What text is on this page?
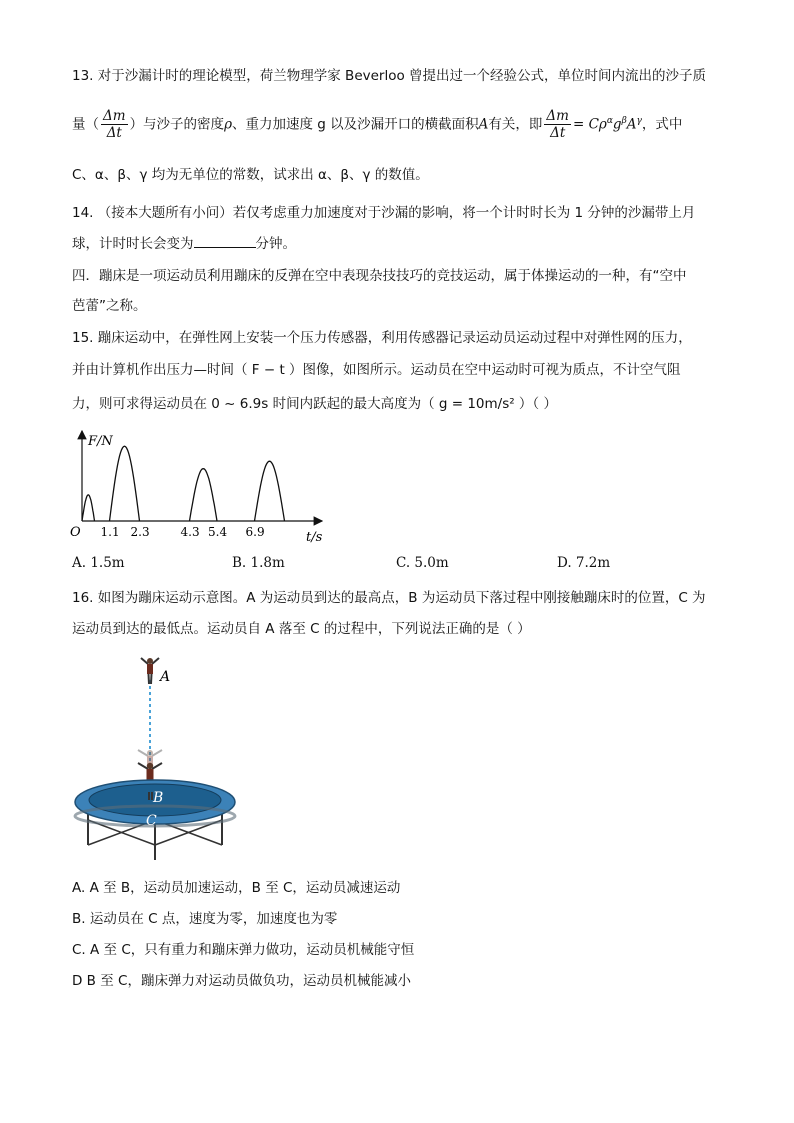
13. 对于沙漏计时的理论模型，荷兰物理学家 Beverloo 曾提出过一个经验公式，单位时间内流出的沙子质
量（ $\frac{\Delta m}{\Delta t}$ ）与沙子的密度ρ、重力加速度 g 以及沙漏开口的横截面积A有关，即 $\frac{\Delta m}{\Delta t} = C\rho^\alpha g^\beta A^\gamma$，式中
C、α、β、γ 均为无单位的常数，试求出 α、β、γ 的数值。
14. （接本大题所有小问）若仅考虑重力加速度对于沙漏的影响，将一个计时时长为 1 分钟的沙漏带上月
球，计时时长会变为	分钟。
四．蹦床是一项运动员利用蹦床的反弹在空中表现杂技技巧的竞技运动，属于体操运动的一种，有“空中
芭蕾”之称。
15. 蹦床运动中，在弹性网上安装一个压力传感器，利用传感器记录运动员运动过程中对弹性网的压力，
并由计算机作出压力—时间（ F − t ）图像，如图所示。运动员在空中运动时可视为质点，不计空气阻
力，则可求得运动员在 0 ~ 6.9s 时间内跃起的最大高度为（ g = 10m/s² ）（ ）
F/N
t/s
O 1.1 2.3	4.3 5.4 6.9
A. 1.5m	B. 1.8m	C. 5.0m	D. 7.2m
16. 如图为蹦床运动示意图。A 为运动员到达的最高点，B 为运动员下落过程中刚接触蹦床时的位置，C 为
运动员到达的最低点。运动员自 A 落至 C 的过程中，下列说法正确的是（ ）
A
B
C
A. A 至 B，运动员加速运动，B 至 C，运动员减速运动
B. 运动员在 C 点，速度为零，加速度也为零
C. A 至 C，只有重力和蹦床弹力做功，运动员机械能守恒
D B 至 C，蹦床弹力对运动员做负功，运动员机械能减小
